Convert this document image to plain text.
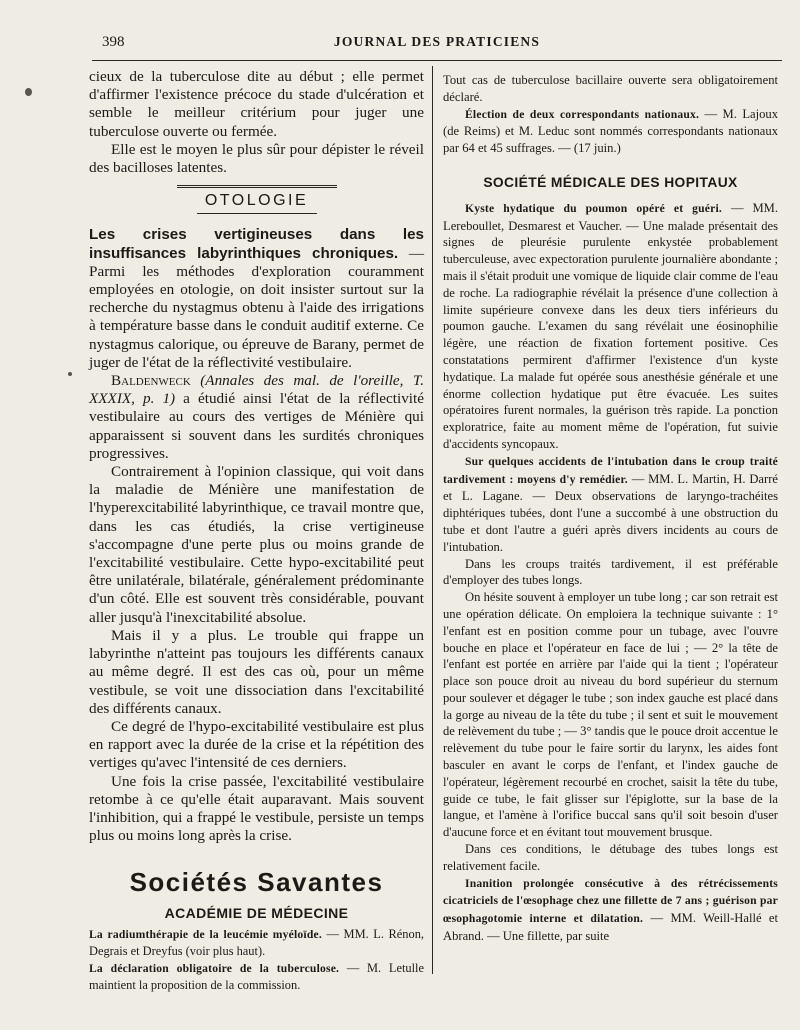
398	JOURNAL DES PRATICIENS

cieux de la tuberculose dite au début ; elle permet d'affirmer l'existence précoce du stade d'ulcération et semble le meilleur critérium pour juger une tuberculose ouverte ou fermée.

Elle est le moyen le plus sûr pour dépister le réveil des bacilloses latentes.

OTOLOGIE

Les crises vertigineuses dans les insuffisances labyrinthiques chroniques. — Parmi les méthodes d'exploration couramment employées en otologie, on doit insister surtout sur la recherche du nystagmus obtenu à l'aide des irrigations à température basse dans le conduit auditif externe. Ce nystagmus calorique, ou épreuve de Barany, permet de juger de l'état de la réflectivité vestibulaire.

Baldenweck (Annales des mal. de l'oreille, T. XXXIX, p. 1) a étudié ainsi l'état de la réflectivité vestibulaire au cours des vertiges de Ménière qui apparaissent si souvent dans les surdités chroniques progressives.

Contrairement à l'opinion classique, qui voit dans la maladie de Ménière une manifestation de l'hyperexcitabilité labyrinthique, ce travail montre que, dans les cas étudiés, la crise vertigineuse s'accompagne d'une perte plus ou moins grande de l'excitabilité vestibulaire. Cette hypo-excitabilité peut être unilatérale, bilatérale, généralement prédominante d'un côté. Elle est souvent très considérable, pouvant aller jusqu'à l'inexcitabilité absolue.

Mais il y a plus. Le trouble qui frappe un labyrinthe n'atteint pas toujours les différents canaux au même degré. Il est des cas où, pour un même vestibule, se voit une dissociation dans l'excitabilité des différents canaux.

Ce degré de l'hypo-excitabilité vestibulaire est plus en rapport avec la durée de la crise et la répétition des vertiges qu'avec l'intensité de ces derniers.

Une fois la crise passée, l'excitabilité vestibulaire retombe à ce qu'elle était auparavant. Mais souvent l'inhibition, qui a frappé le vestibule, persiste un temps plus ou moins long après la crise.

Sociétés Savantes
ACADÉMIE DE MÉDECINE

La radiumthérapie de la leucémie myéloïde. — MM. L. Rénon, Degrais et Dreyfus (voir plus haut).

La déclaration obligatoire de la tuberculose. — M. Letulle maintient la proposition de la commission.

Tout cas de tuberculose bacillaire ouverte sera obligatoirement déclaré.

Élection de deux correspondants nationaux. — M. Lajoux (de Reims) et M. Leduc sont nommés correspondants nationaux par 64 et 45 suffrages. — (17 juin.)

SOCIÉTÉ MÉDICALE DES HOPITAUX

Kyste hydatique du poumon opéré et guéri. — MM. Lereboullet, Desmarest et Vaucher. — Une malade présentait des signes de pleurésie purulente enkystée probablement tuberculeuse, avec expectoration purulente journalière abondante ; mais il s'était produit une vomique de liquide clair comme de l'eau de roche. La radiographie révélait la présence d'une collection à limite supérieure convexe dans les deux tiers inférieurs du poumon gauche. L'examen du sang révélait une éosinophilie légère, une réaction de fixation fortement positive. Ces constatations permirent d'affirmer l'existence d'un kyste hydatique. La malade fut opérée sous anesthésie générale et une énorme collection hydatique put être évacuée. Les suites opératoires furent normales, la guérison très rapide. La ponction exploratrice, faite au moment même de l'opération, fut suivie d'accidents syncopaux.

Sur quelques accidents de l'intubation dans le croup traité tardivement : moyens d'y remédier. — MM. L. Martin, H. Darré et L. Lagane. — Deux observations de laryngo-trachéites diphtériques tubées, dont l'une a succombé à une obstruction du tube et dont l'autre a guéri après divers incidents au cours de l'intubation.

Dans les croups traités tardivement, il est préférable d'employer des tubes longs.

On hésite souvent à employer un tube long ; car son retrait est une opération délicate. On emploiera la technique suivante : 1° l'enfant est en position comme pour un tubage, avec l'ouvre bouche en place et l'opérateur en face de lui ; — 2° la tête de l'enfant est portée en arrière par l'aide qui la tient ; l'opérateur place son pouce droit au niveau du bord supérieur du sternum pour soulever et dégager le tube ; son index gauche est placé dans la gorge au niveau de la tête du tube ; il sent et suit le mouvement de relèvement du tube ; — 3° tandis que le pouce droit accentue le relèvement du tube pour le faire sortir du larynx, les aides font basculer en avant le corps de l'enfant, et l'index gauche de l'opérateur, légèrement recourbé en crochet, saisit la tête du tube, guide ce tube, le fait glisser sur l'épiglotte, sur la base de la langue, et l'amène à l'orifice buccal sans qu'il soit besoin d'user d'aucune force et en évitant tout mouvement brusque.

Dans ces conditions, le détubage des tubes longs est relativement facile.

Inanition prolongée consécutive à des rétrécissements cicatriciels de l'œsophage chez une fillette de 7 ans ; guérison par œsophagotomie interne et dilatation. — MM. Weill-Hallé et Abrand. — Une fillette, par suite
